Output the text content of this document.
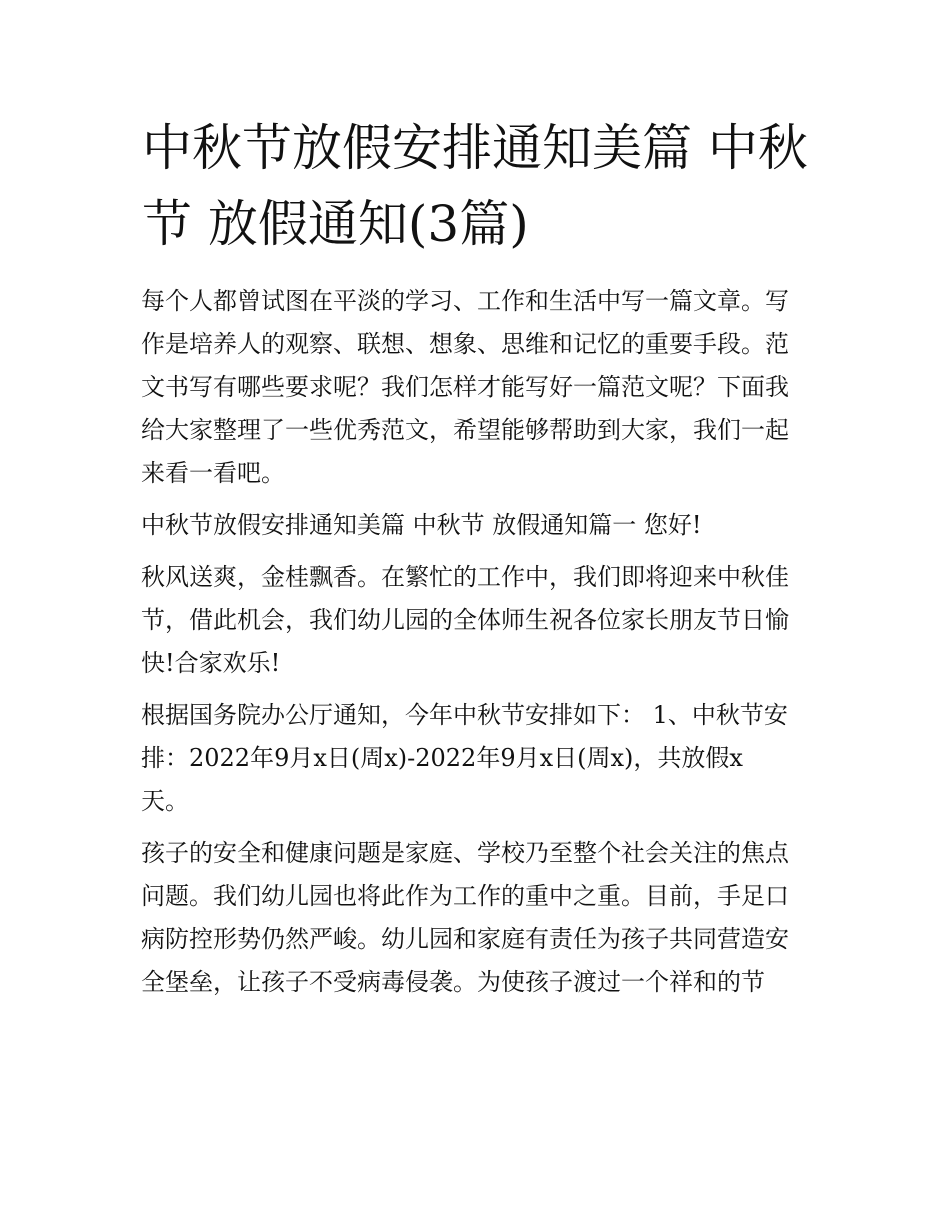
中秋节放假安排通知美篇 中秋
节 放假通知(3篇)

每个人都曾试图在平淡的学习、工作和生活中写一篇文章。写
作是培养人的观察、联想、想象、思维和记忆的重要手段。范
文书写有哪些要求呢？我们怎样才能写好一篇范文呢？下面我
给大家整理了一些优秀范文，希望能够帮助到大家，我们一起
来看一看吧。

中秋节放假安排通知美篇 中秋节 放假通知篇一 您好!

秋风送爽，金桂飘香。在繁忙的工作中，我们即将迎来中秋佳
节，借此机会，我们幼儿园的全体师生祝各位家长朋友节日愉
快!合家欢乐!

根据国务院办公厅通知，今年中秋节安排如下： 1、中秋节安
排：2022年9月x日(周x)-2022年9月x日(周x)，共放假x
天。

孩子的安全和健康问题是家庭、学校乃至整个社会关注的焦点
问题。我们幼儿园也将此作为工作的重中之重。目前，手足口
病防控形势仍然严峻。幼儿园和家庭有责任为孩子共同营造安
全堡垒，让孩子不受病毒侵袭。为使孩子渡过一个祥和的节
